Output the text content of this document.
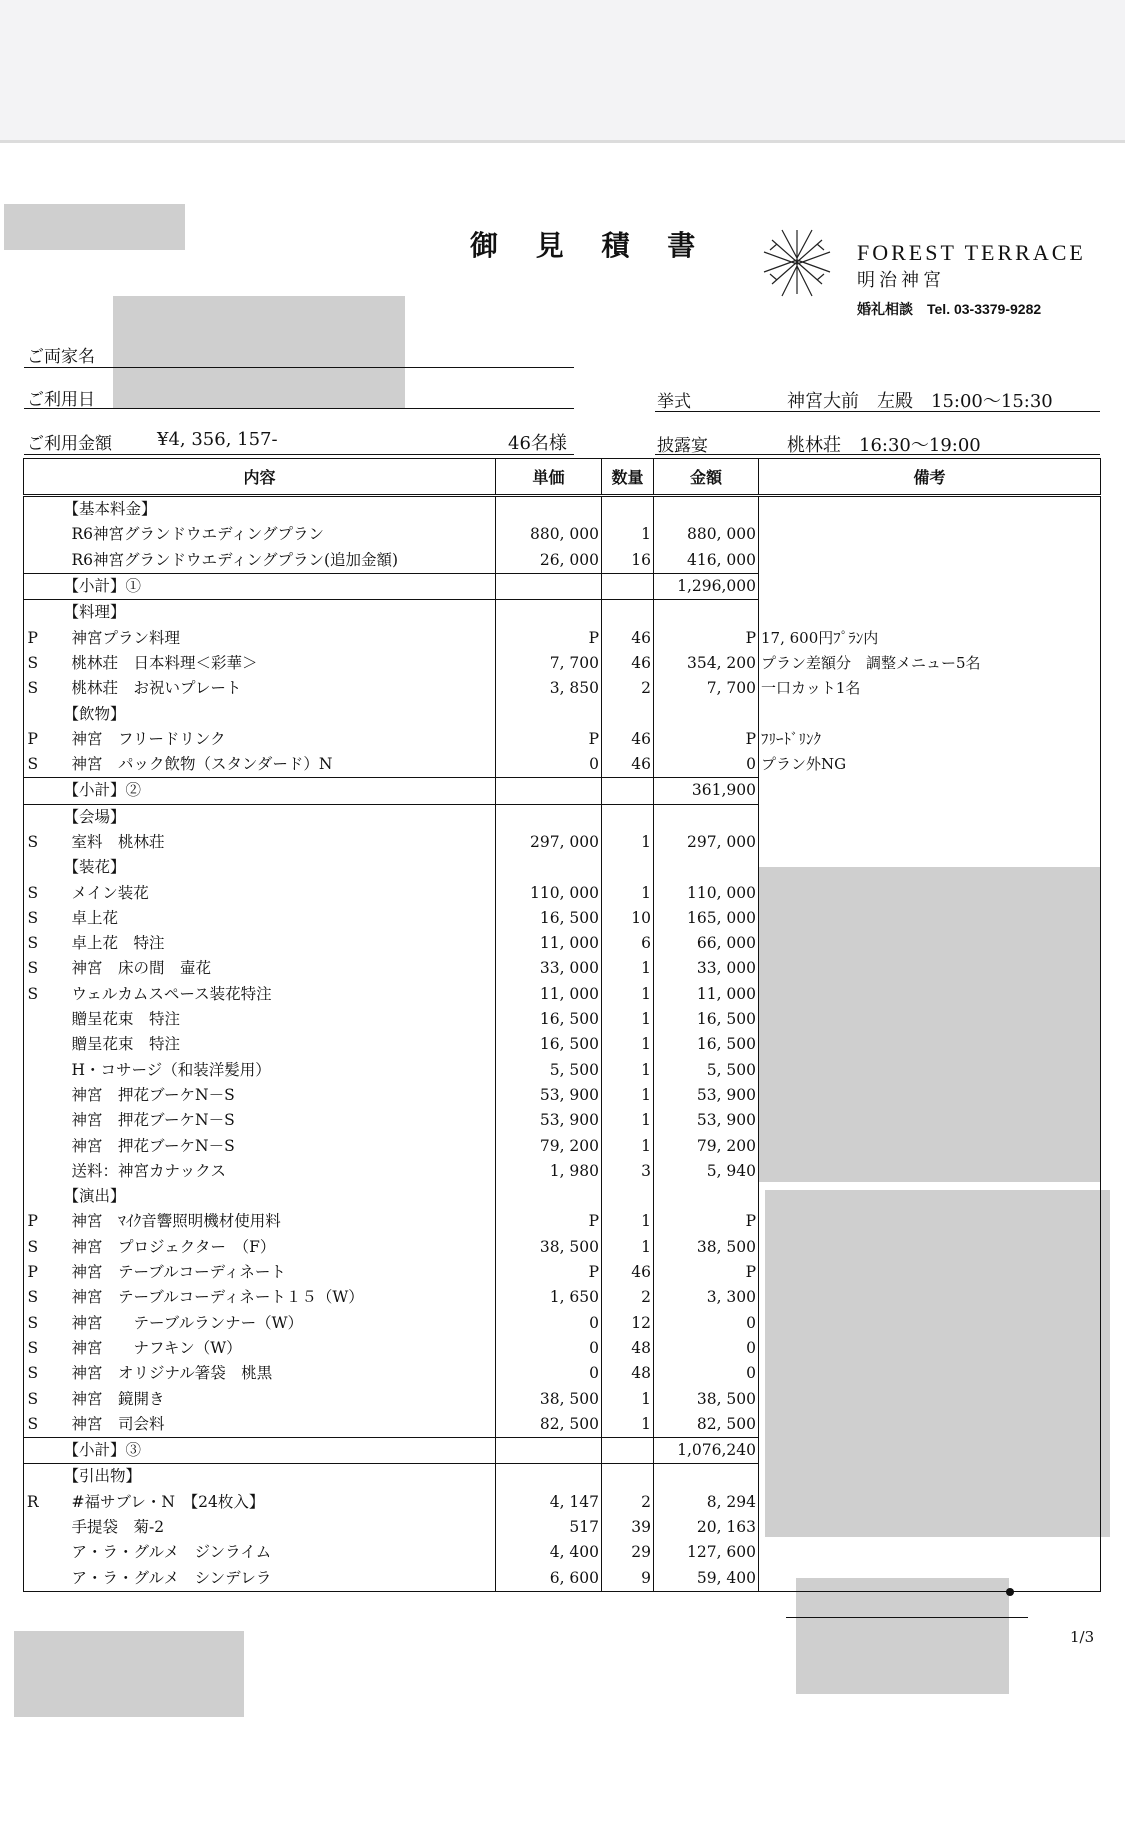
御 見 積 書	FOREST TERRACE
明治神宮
婚礼相談　Tel. 03-3379-9282
ご両家名
ご利用日	挙式	神宮大前　左殿　15:00〜15:30
ご利用金額	¥4, 356, 157-	46名様	披露宴	桃林荘　16:30〜19:00
内容		単価	数量	金額	備考
	【基本料金】				
	R6神宮グランドウエディングプラン	880, 000	1	880, 000	
	R6神宮グランドウエディングプラン(追加金額)	26, 000	16	416, 000	
	【小計】①			1,296,000	
	【料理】				
P	神宮プラン料理	P	46	P	17, 600円ﾌﾟﾗﾝ内
S	桃林荘　日本料理＜彩華＞	7, 700	46	354, 200	プラン差額分　調整メニュー5名
S	桃林荘　お祝いプレート	3, 850	2	7, 700	一口カット1名
	【飲物】				
P	神宮　フリードリンク	P	46	P	ﾌﾘｰﾄﾞﾘﾝｸ
S	神宮　パック飲物（スタンダード）N	0	46	0	プラン外NG
	【小計】②			361,900	
	【会場】				
S	室料　桃林荘	297, 000	1	297, 000	
	【装花】				
S	メイン装花	110, 000	1	110, 000	
S	卓上花	16, 500	10	165, 000	
S	卓上花　特注	11, 000	6	66, 000	
S	神宮　床の間　壷花	33, 000	1	33, 000	
S	ウェルカムスペース装花特注	11, 000	1	11, 000	
	贈呈花束　特注	16, 500	1	16, 500	
	贈呈花束　特注	16, 500	1	16, 500	
	H・コサージ（和装洋髪用）	5, 500	1	5, 500	
	神宮　押花ブーケN－S	53, 900	1	53, 900	
	神宮　押花ブーケN－S	53, 900	1	53, 900	
	神宮　押花ブーケN－S	79, 200	1	79, 200	
	送料：神宮カナックス	1, 980	3	5, 940	
	【演出】				
P	神宮　ﾏｲｸ音響照明機材使用料	P	1	P	
S	神宮　プロジェクター　（F）	38, 500	1	38, 500	
P	神宮　テーブルコーディネート	P	46	P	
S	神宮　テーブルコーディネート１５（W）	1, 650	2	3, 300	
S	神宮　　テーブルランナー（W）	0	12	0	
S	神宮　　ナフキン（W）	0	48	0	
S	神宮　オリジナル箸袋　桃黒	0	48	0	
S	神宮　鏡開き	38, 500	1	38, 500	
S	神宮　司会料	82, 500	1	82, 500	
	【小計】③			1,076,240	
	【引出物】				
R	#福サブレ・N　【24枚入】	4, 147	2	8, 294	
	手提袋　菊-2	517	39	20, 163	
	ア・ラ・グルメ　ジンライム	4, 400	29	127, 600	
	ア・ラ・グルメ　シンデレラ	6, 600	9	59, 400	
1/3
